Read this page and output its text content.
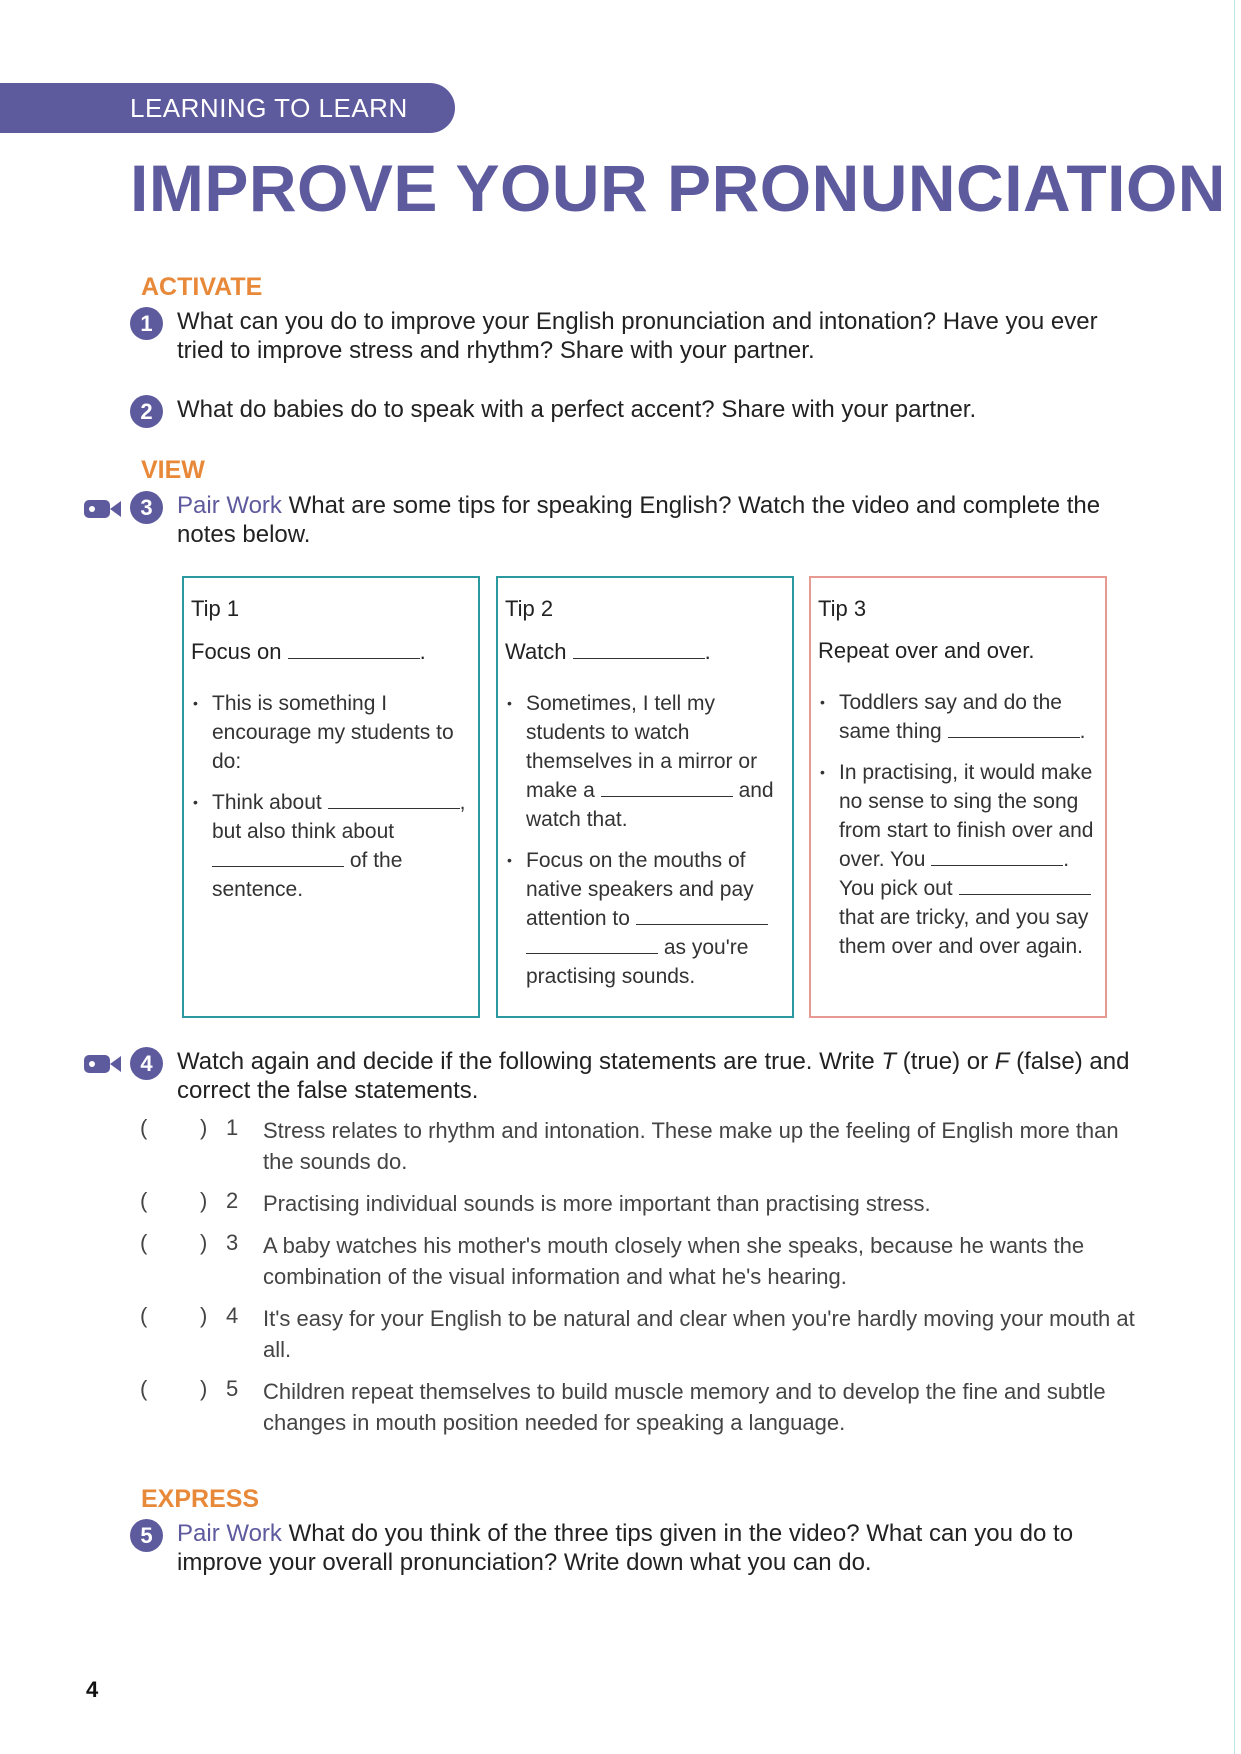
LEARNING TO LEARN
IMPROVE YOUR PRONUNCIATION
ACTIVATE
1	What can you do to improve your English pronunciation and intonation? Have you ever tried to improve stress and rhythm? Share with your partner.
2	What do babies do to speak with a perfect accent? Share with your partner.
VIEW
3	Pair Work What are some tips for speaking English? Watch the video and complete the notes below.

Tip 1

Focus on	.

• This is something I encourage my students to do:
• Think about	, but also think about  of the sentence.

Tip 2

Watch	.

• Sometimes, I tell my students to watch themselves in a mirror or make a	and watch that.
• Focus on the mouths of native speakers and pay attention to   as you're practising sounds.

Tip 3

Repeat over and over.

• Toddlers say and do the same thing	.
• In practising, it would make no sense to sing the song from start to finish over and over. You	. You pick out  that are tricky, and you say them over and over again.
4	Watch again and decide if the following statements are true. Write T (true) or F (false) and correct the false statements.
( ) 1 Stress relates to rhythm and intonation. These make up the feeling of English more than the sounds do.
( ) 2 Practising individual sounds is more important than practising stress.
( ) 3 A baby watches his mother's mouth closely when she speaks, because he wants the combination of the visual information and what he's hearing.
( ) 4 It's easy for your English to be natural and clear when you're hardly moving your mouth at all.
( ) 5 Children repeat themselves to build muscle memory and to develop the fine and subtle changes in mouth position needed for speaking a language.
EXPRESS
5	Pair Work What do you think of the three tips given in the video? What can you do to improve your overall pronunciation? Write down what you can do.
4
